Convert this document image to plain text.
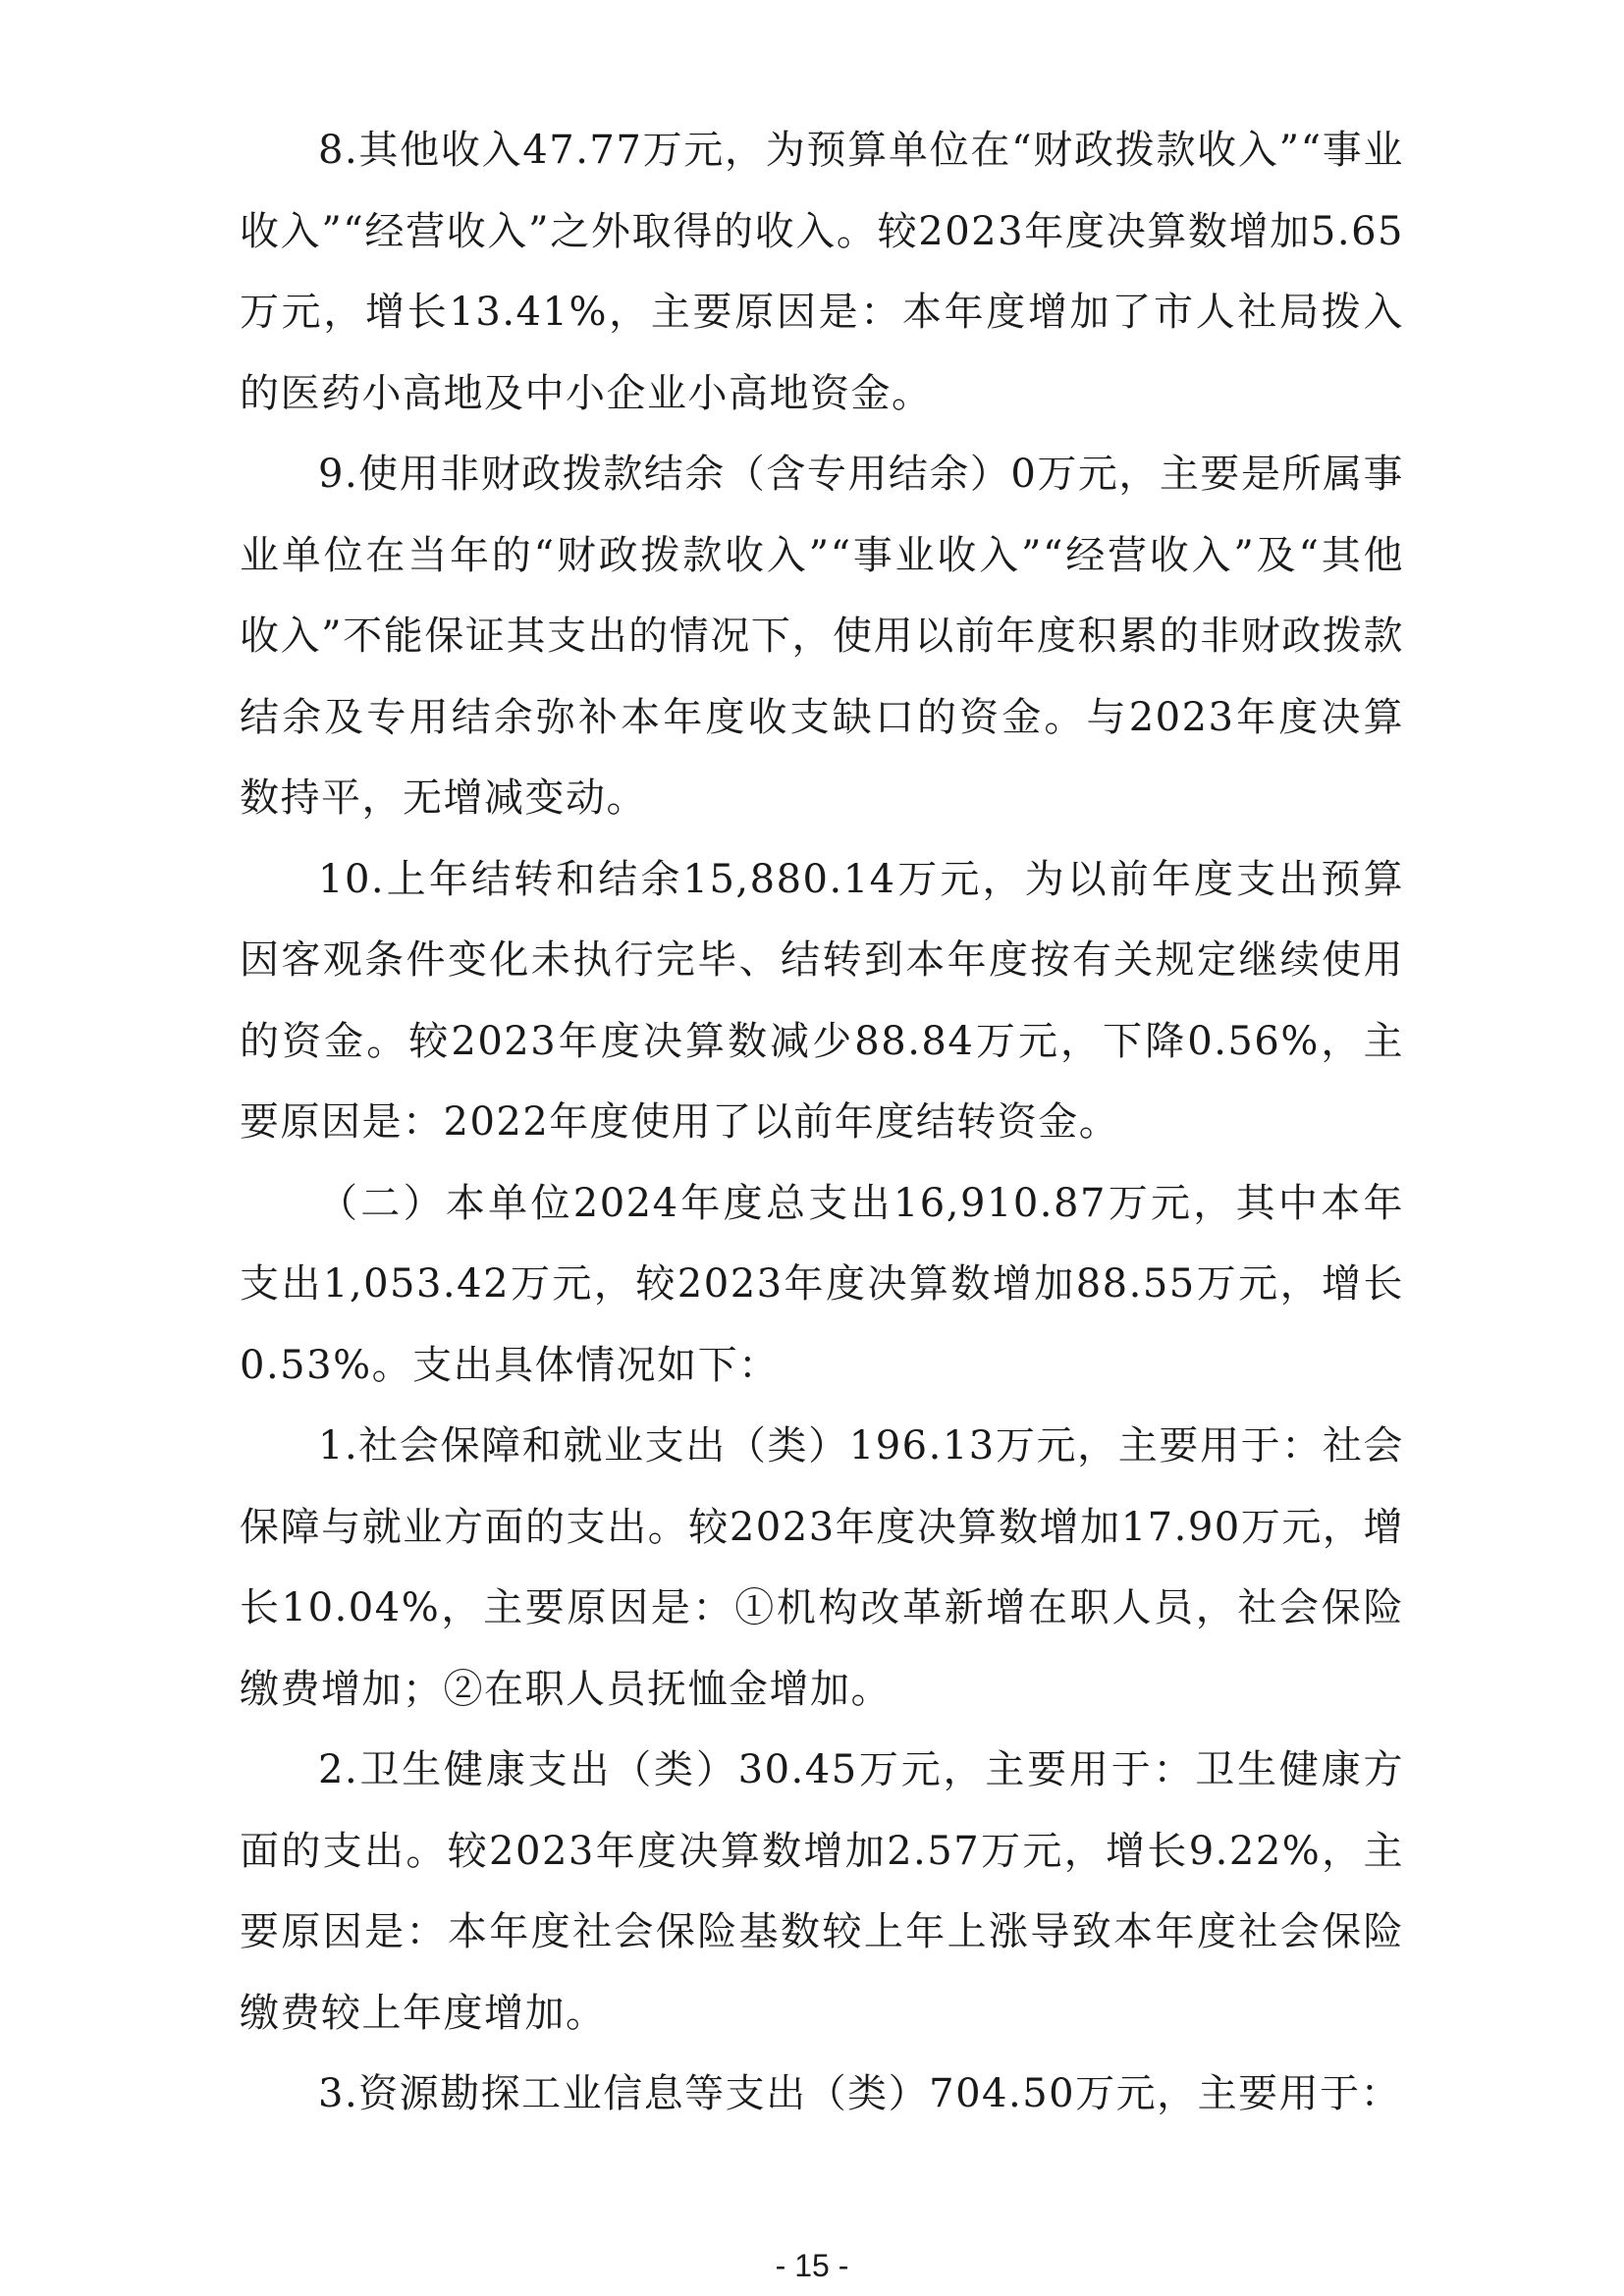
8.其他收入47.77万元，为预算单位在“财政拨款收入”“事业收入”“经营收入”之外取得的收入。较2023年度决算数增加5.65万元，增长13.41%，主要原因是：本年度增加了市人社局拨入的医药小高地及中小企业小高地资金。

9.使用非财政拨款结余（含专用结余）0万元，主要是所属事业单位在当年的“财政拨款收入”“事业收入”“经营收入”及“其他收入”不能保证其支出的情况下，使用以前年度积累的非财政拨款结余及专用结余弥补本年度收支缺口的资金。与2023年度决算数持平，无增减变动。

10.上年结转和结余15,880.14万元，为以前年度支出预算因客观条件变化未执行完毕、结转到本年度按有关规定继续使用的资金。较2023年度决算数减少88.84万元，下降0.56%，主要原因是：2022年度使用了以前年度结转资金。

（二）本单位2024年度总支出16,910.87万元，其中本年支出1,053.42万元，较2023年度决算数增加88.55万元，增长0.53%。支出具体情况如下：

1.社会保障和就业支出（类）196.13万元，主要用于：社会保障与就业方面的支出。较2023年度决算数增加17.90万元，增长10.04%，主要原因是：①机构改革新增在职人员，社会保险缴费增加；②在职人员抚恤金增加。

2.卫生健康支出（类）30.45万元，主要用于：卫生健康方面的支出。较2023年度决算数增加2.57万元，增长9.22%，主要原因是：本年度社会保险基数较上年上涨导致本年度社会保险缴费较上年度增加。

3.资源勘探工业信息等支出（类）704.50万元，主要用于：

- 15 -
